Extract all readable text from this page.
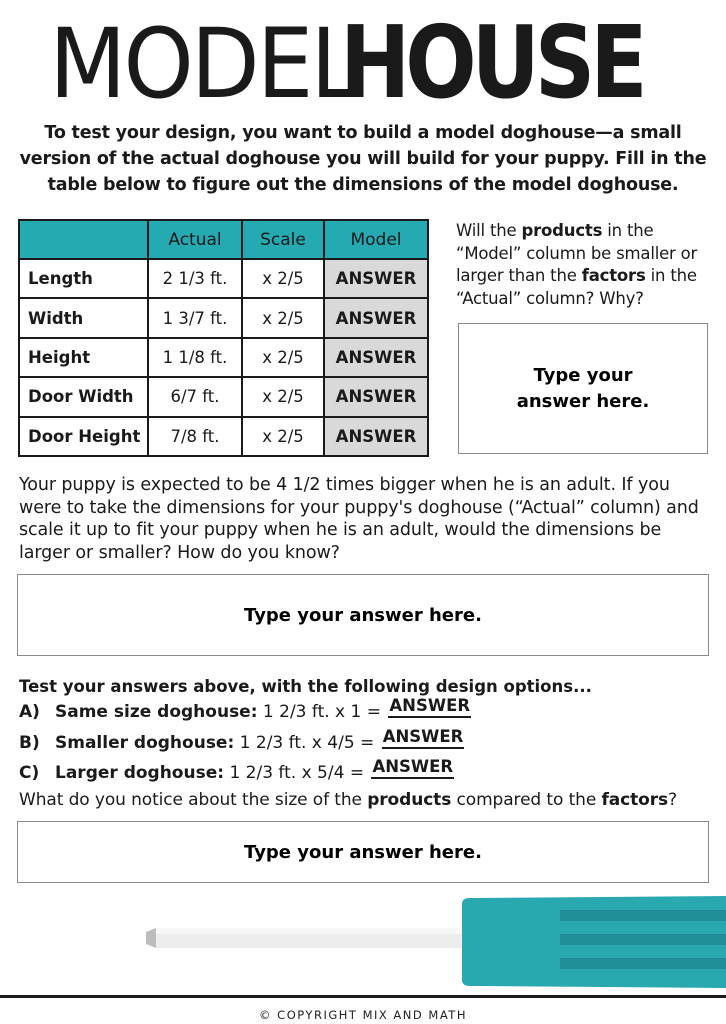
MODELHOUSE
To test your design, you want to build a model doghouse—a small version of the actual doghouse you will build for your puppy. Fill in the table below to figure out the dimensions of the model doghouse.
	Actual	Scale	Model
Length	2 1/3 ft.	x 2/5	ANSWER
Width	1 3/7 ft.	x 2/5	ANSWER
Height	1 1/8 ft.	x 2/5	ANSWER
Door Width	6/7 ft.	x 2/5	ANSWER
Door Height	7/8 ft.	x 2/5	ANSWER
Will the products in the “Model” column be smaller or larger than the factors in the “Actual” column? Why?
Type your answer here.
Your puppy is expected to be 4 1/2 times bigger when he is an adult. If you were to take the dimensions for your puppy's doghouse (“Actual” column) and scale it up to fit your puppy when he is an adult, would the dimensions be larger or smaller? How do you know?
Type your answer here.
Test your answers above, with the following design options...
A) Same size doghouse: 1 2/3 ft. x 1 = ANSWER
B) Smaller doghouse: 1 2/3 ft. x 4/5 = ANSWER
C) Larger doghouse: 1 2/3 ft. x 5/4 = ANSWER
What do you notice about the size of the products compared to the factors?
Type your answer here.
© COPYRIGHT MIX AND MATH
